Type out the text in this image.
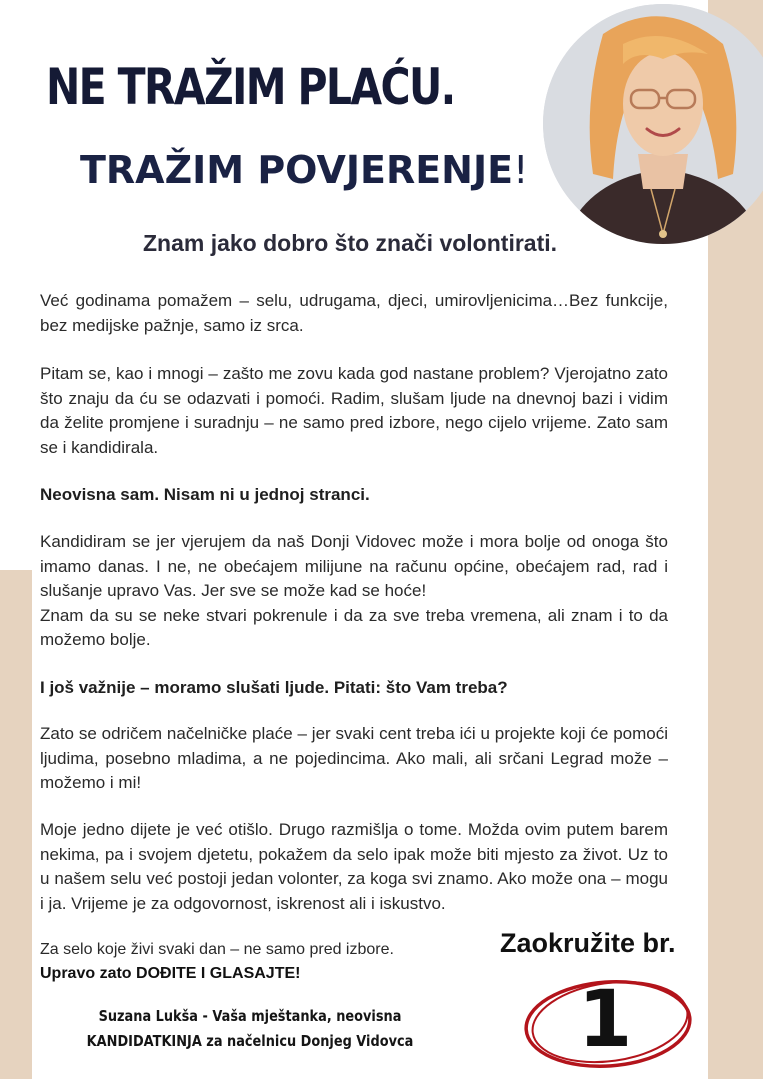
NE TRAŽIM PLAĆU.
TRAŽIM POVJERENJE!
Znam jako dobro što znači volontirati.

Već godinama pomažem – selu, udrugama, djeci, umirovljenicima…Bez funkcije, bez medijske pažnje, samo iz srca.

Pitam se, kao i mnogi – zašto me zovu kada god nastane problem? Vjerojatno zato što znaju da ću se odazvati i pomoći. Radim, slušam ljude na dnevnoj bazi i vidim da želite promjene i suradnju – ne samo pred izbore, nego cijelo vrijeme. Zato sam se i kandidirala.

Neovisna sam. Nisam ni u jednoj stranci.

Kandidiram se jer vjerujem da naš Donji Vidovec može i mora bolje od onoga što imamo danas. I ne, ne obećajem milijune na računu općine, obećajem rad, rad i slušanje upravo Vas. Jer sve se može kad se hoće!

Znam da su se neke stvari pokrenule i da za sve treba vremena, ali znam i to da možemo bolje.

I još važnije – moramo slušati ljude. Pitati: što Vam treba?

Zato se odričem načelničke plaće – jer svaki cent treba ići u projekte koji će pomoći ljudima, posebno mladima, a ne pojedincima. Ako mali, ali srčani Legrad može – možemo i mi!

Moje jedno dijete je već otišlo. Drugo razmišlja o tome. Možda ovim putem barem nekima, pa i svojem djetetu, pokažem da selo ipak može biti mjesto za život. Uz to u našem selu već postoji jedan volonter, za koga svi znamo. Ako može ona – mogu i ja. Vrijeme je za odgovornost, iskrenost ali i iskustvo.

Za selo koje živi svaki dan – ne samo pred izbore.
Upravo zato DOĐITE I GLASAJTE!
Suzana Lukša - Vaša mještanka, neovisna
KANDIDATKINJA za načelnicu Donjeg Vidovca
Zaokružite br.
1
